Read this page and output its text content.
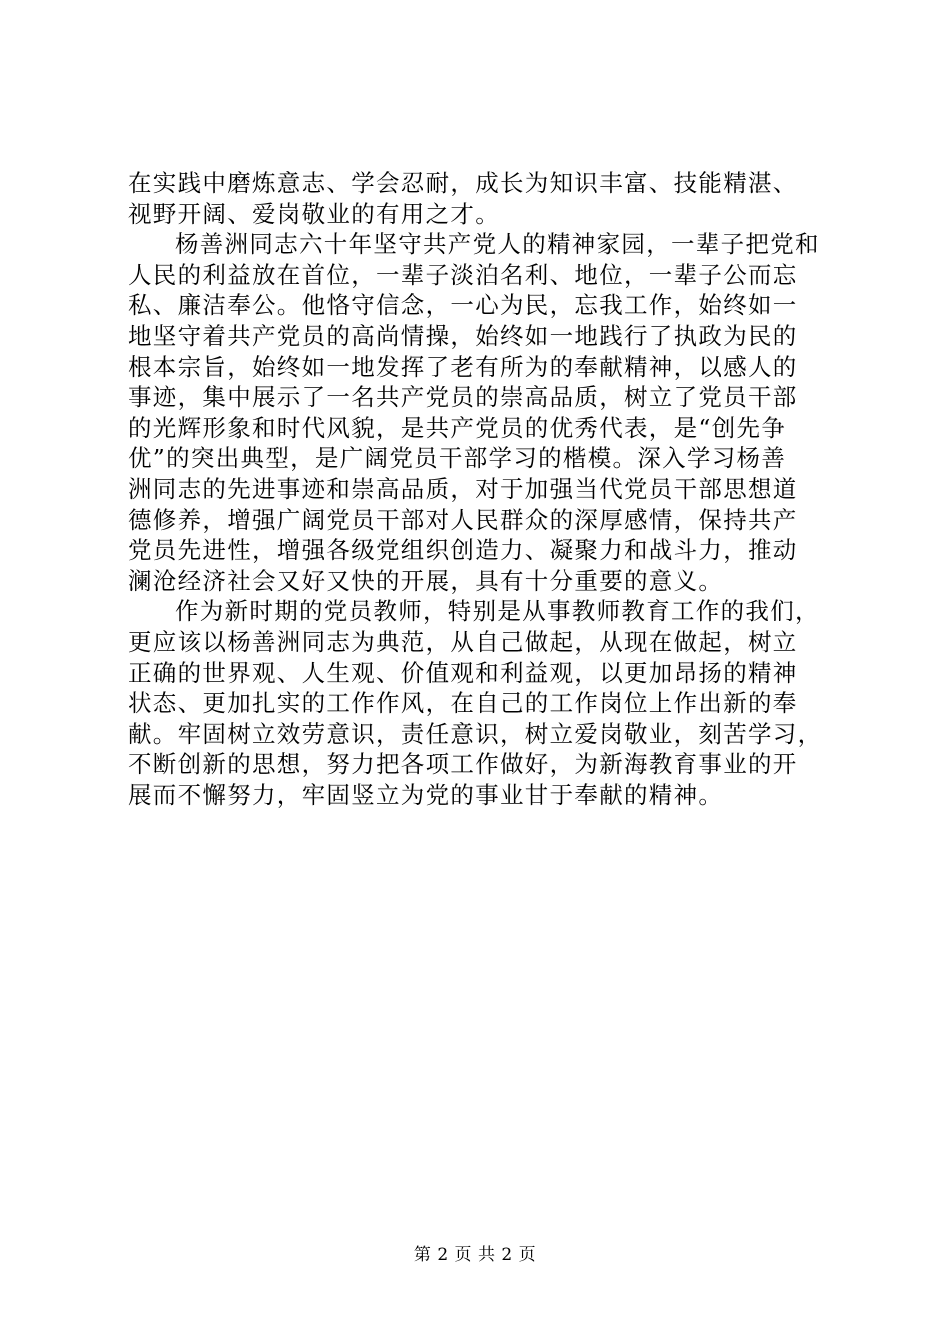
在实践中磨炼意志、学会忍耐，成长为知识丰富、技能精湛、
视野开阔、爱岗敬业的有用之才。
杨善洲同志六十年坚守共产党人的精神家园，一辈子把党和
人民的利益放在首位，一辈子淡泊名利、地位，一辈子公而忘
私、廉洁奉公。他恪守信念，一心为民，忘我工作，始终如一
地坚守着共产党员的高尚情操，始终如一地践行了执政为民的
根本宗旨，始终如一地发挥了老有所为的奉献精神，以感人的
事迹，集中展示了一名共产党员的崇高品质，树立了党员干部
的光辉形象和时代风貌，是共产党员的优秀代表，是“创先争
优”的突出典型，是广阔党员干部学习的楷模。深入学习杨善
洲同志的先进事迹和崇高品质，对于加强当代党员干部思想道
德修养，增强广阔党员干部对人民群众的深厚感情，保持共产
党员先进性，增强各级党组织创造力、凝聚力和战斗力，推动
澜沧经济社会又好又快的开展，具有十分重要的意义。
作为新时期的党员教师，特别是从事教师教育工作的我们，
更应该以杨善洲同志为典范，从自己做起，从现在做起，树立
正确的世界观、人生观、价值观和利益观，以更加昂扬的精神
状态、更加扎实的工作作风，在自己的工作岗位上作出新的奉
献。牢固树立效劳意识，责任意识，树立爱岗敬业，刻苦学习，
不断创新的思想，努力把各项工作做好，为新海教育事业的开
展而不懈努力，牢固竖立为党的事业甘于奉献的精神。
第 2 页 共 2 页
